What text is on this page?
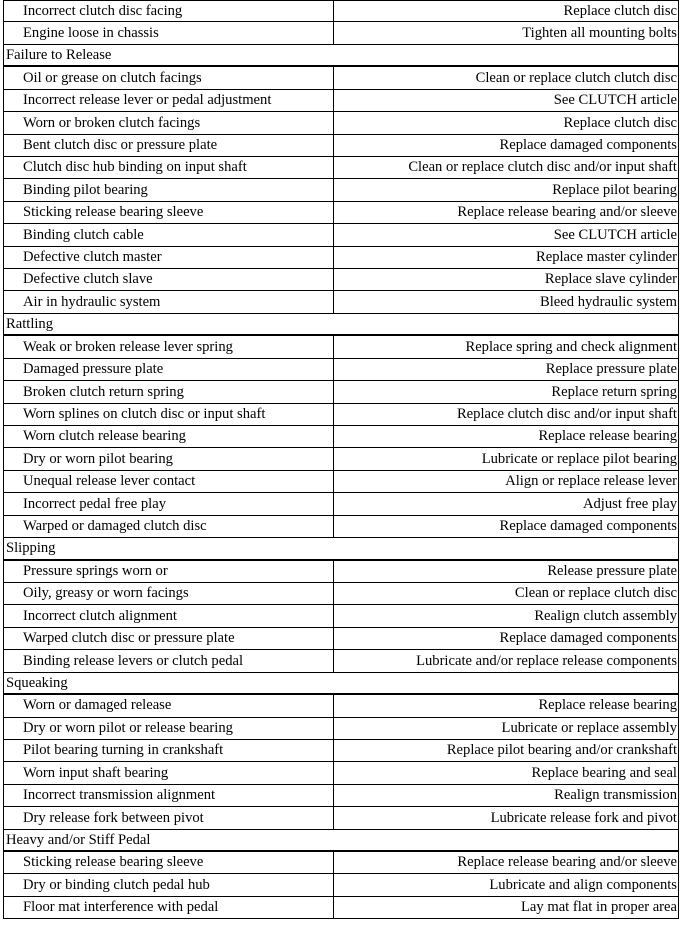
Incorrect clutch disc facing	Replace clutch disc
Engine loose in chassis	Tighten all mounting bolts
Failure to Release
Oil or grease on clutch facings	Clean or replace clutch clutch disc
Incorrect release lever or pedal adjustment	See CLUTCH article
Worn or broken clutch facings	Replace clutch disc
Bent clutch disc or pressure plate	Replace damaged components
Clutch disc hub binding on input shaft	Clean or replace clutch disc and/or input shaft
Binding pilot bearing	Replace pilot bearing
Sticking release bearing sleeve	Replace release bearing and/or sleeve
Binding clutch cable	See CLUTCH article
Defective clutch master	Replace master cylinder
Defective clutch slave	Replace slave cylinder
Air in hydraulic system	Bleed hydraulic system
Rattling
Weak or broken release lever spring	Replace spring and check alignment
Damaged pressure plate	Replace pressure plate
Broken clutch return spring	Replace return spring
Worn splines on clutch disc or input shaft	Replace clutch disc and/or input shaft
Worn clutch release bearing	Replace release bearing
Dry or worn pilot bearing	Lubricate or replace pilot bearing
Unequal release lever contact	Align or replace release lever
Incorrect pedal free play	Adjust free play
Warped or damaged clutch disc	Replace damaged components
Slipping
Pressure springs worn or	Release pressure plate
Oily, greasy or worn facings	Clean or replace clutch disc
Incorrect clutch alignment	Realign clutch assembly
Warped clutch disc or pressure plate	Replace damaged components
Binding release levers or clutch pedal	Lubricate and/or replace release components
Squeaking
Worn or damaged release	Replace release bearing
Dry or worn pilot or release bearing	Lubricate or replace assembly
Pilot bearing turning in crankshaft	Replace pilot bearing and/or crankshaft
Worn input shaft bearing	Replace bearing and seal
Incorrect transmission alignment	Realign transmission
Dry release fork between pivot	Lubricate release fork and pivot
Heavy and/or Stiff Pedal
Sticking release bearing sleeve	Replace release bearing and/or sleeve
Dry or binding clutch pedal hub	Lubricate and align components
Floor mat interference with pedal	Lay mat flat in proper area
